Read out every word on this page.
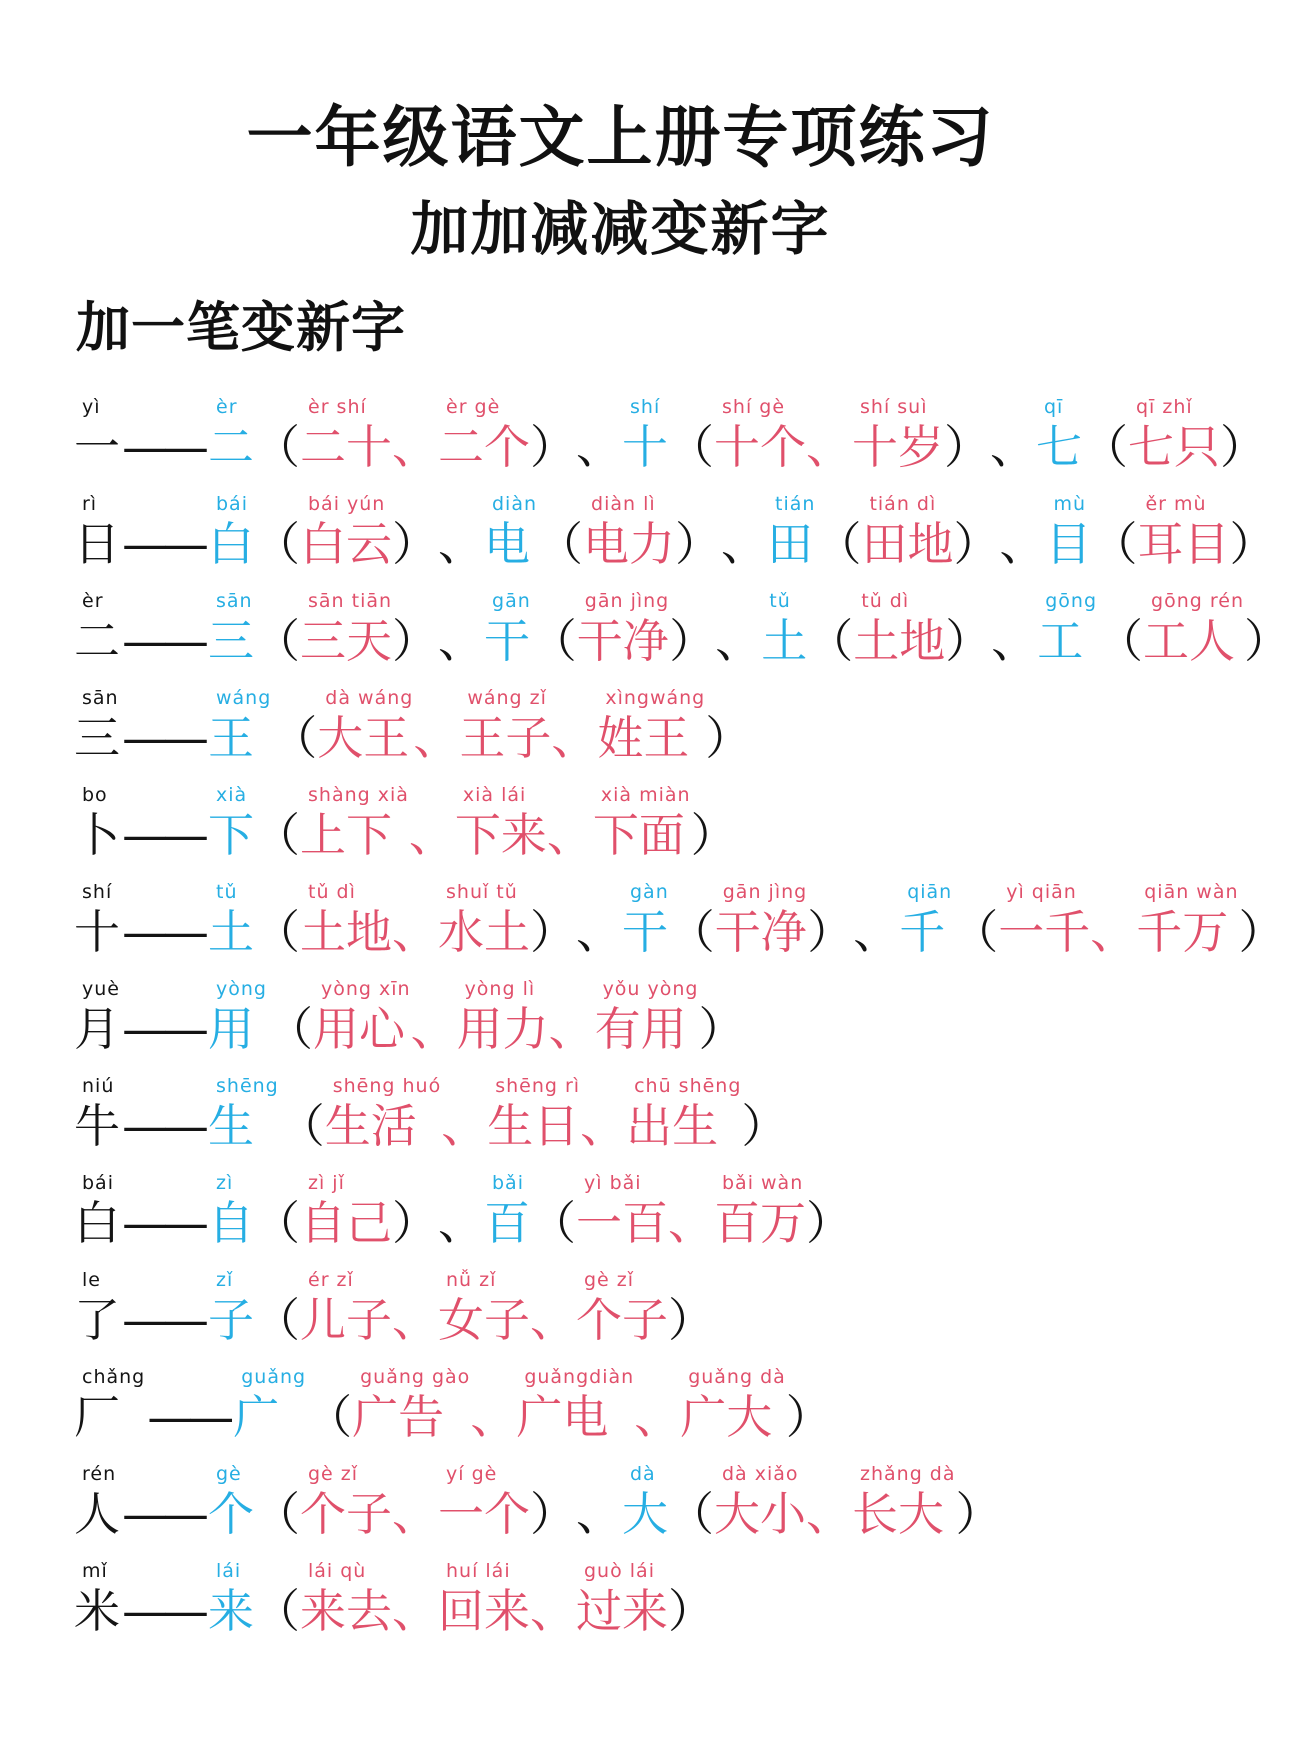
一年级语文上册专项练习
加加减减变新字
加一笔变新字
yì
一 ——
èr
二 （
èr shí
二十 、
èr gè
二个 ） 、
shí
十 （
shí gè
十个 、
shí suì
十岁 ） 、
qī
七 （
qī zhǐ
七只 ）
rì
日 ——
bái
白 （
bái yún
白云 ） 、
diàn
电 （
diàn lì
电力 ） 、
tián
田 （
tián dì
田地 ） 、
mù
目 （
ěr mù
耳目 ）
èr
二 ——
sān
三 （
sān tiān
三天 ） 、
gān
干 （
gān jìng
干净 ） 、
tǔ
土 （
tǔ dì
土地 ） 、
gōng
工 （
gōng rén
工人 ）
sān
三 ——
wáng
王 （
dà wáng
大王 、
wáng zǐ
王子 、
xìngwáng
姓王 ）
bo
卜 ——
xià
下 （
shàng xià
上下 、
xià lái
下来 、
xià miàn
下面 ）
shí
十 ——
tǔ
土 （
tǔ dì
土地 、
shuǐ tǔ
水土 ） 、
gàn
干 （
gān jìng
干净 ） 、
qiān
千 （
yì qiān
一千 、
qiān wàn
千万 ）
yuè
月 ——
yòng
用 （
yòng xīn
用心 、
yòng lì
用力 、
yǒu yòng
有用 ）
niú
牛 ——
shēng
生 （
shēng huó
生活 、
shēng rì
生日 、
chū shēng
出生 ）
bái
白 ——
zì
自 （
zì jǐ
自己 ） 、
bǎi
百 （
yì bǎi
一百 、
bǎi wàn
百万 ）
le
了 ——
zǐ
子 （
ér zǐ
儿子 、
nǚ zǐ
女子 、
gè zǐ
个子 ）
chǎng
厂 ——
guǎng
广 （
guǎng gào
广告 、
guǎngdiàn
广电 、
guǎng dà
广大 ）
rén
人 ——
gè
个 （
gè zǐ
个子 、
yí gè
一个 ） 、
dà
大 （
dà xiǎo
大小 、
zhǎng dà
长大 ）
mǐ
米 ——
lái
来 （
lái qù
来去 、
huí lái
回来 、
guò lái
过来 ）
